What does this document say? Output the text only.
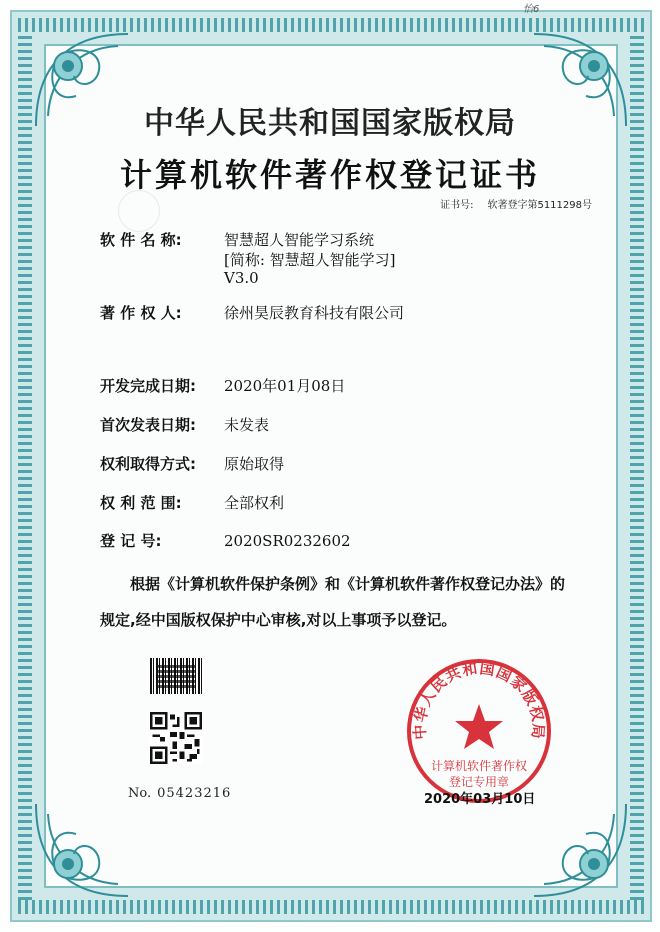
怡6
中华人民共和国国家版权局
计算机软件著作权登记证书
证书号: 软著登字第5111298号
软 件 名 称:	智慧超人智能学习系统
[简称: 智慧超人智能学习]
V3.0
著 作 权 人:	徐州昊辰教育科技有限公司
开发完成日期: 2020年01月08日
首次发表日期: 未发表
权利取得方式: 原始取得
权 利 范 围:	全部权利
登 记 号:	2020SR0232602
根据《计算机软件保护条例》和《计算机软件著作权登记办法》的
规定,经中国版权保护中心审核,对以上事项予以登记。
No. 05423216
中华人民共和国国家版权局
计算机软件著作权
登记专用章
2020年03月10日
